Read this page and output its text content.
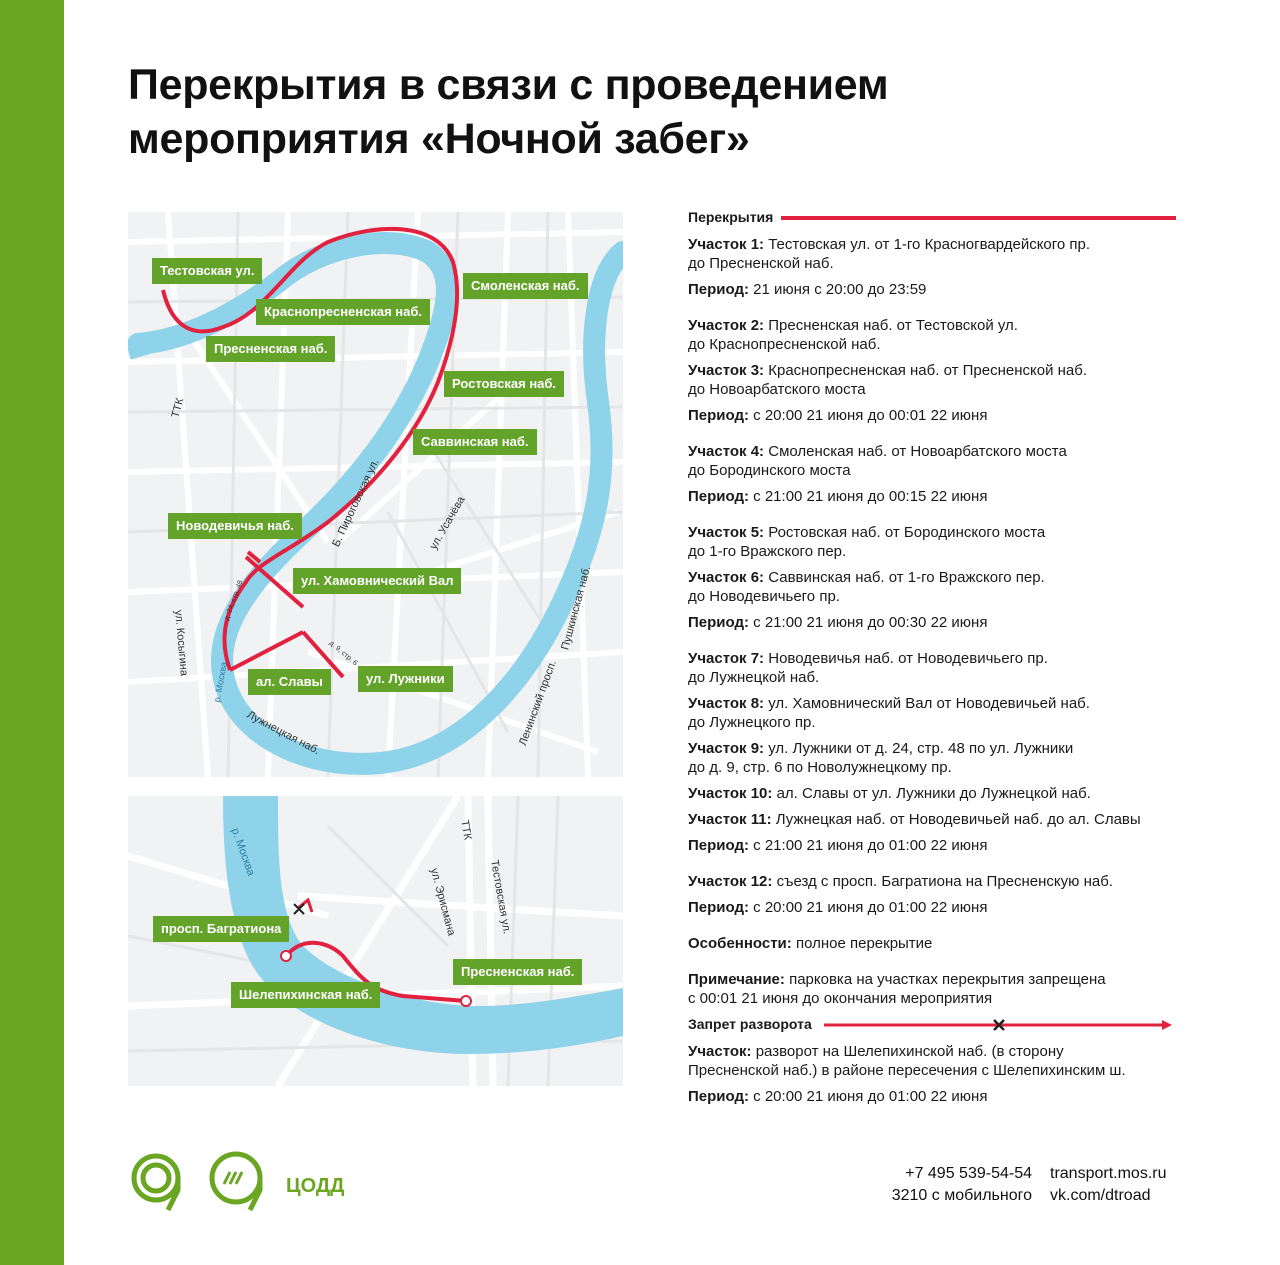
Перекрытия в связи с проведением
мероприятия «Ночной забег»
Тестовская ул.
Краснопресненская наб.
Пресненская наб.
Смоленская наб.
Ростовская наб.
Саввинская наб.
Новодевичья наб.
ул. Хамовнический Вал
ал. Славы	ул. Лужники
ТТК
Б. Пироговская ул.	ул. Усачёва
Пушкинская наб.
ул. Косыгина
Ленинский просп.
Лужнецкая наб.
р. Москва
д. 24, стр. 48
д. 9, стр. 6
просп. Багратиона
Шелепихинская наб.
Пресненская наб.
р. Москва	ТТК
ул. Эрисмана	Тестовская ул.
Перекрытия
Участок 1: Тестовская ул. от 1-го Красногвардейского пр.
до Пресненской наб.
Период: 21 июня с 20:00 до 23:59
Участок 2: Пресненская наб. от Тестовской ул.
до Краснопресненской наб.
Участок 3: Краснопресненская наб. от Пресненской наб.
до Новоарбатского моста
Период: с 20:00 21 июня до 00:01 22 июня
Участок 4: Смоленская наб. от Новоарбатского моста
до Бородинского моста
Период: с 21:00 21 июня до 00:15 22 июня
Участок 5: Ростовская наб. от Бородинского моста
до 1-го Вражского пер.
Участок 6: Саввинская наб. от 1-го Вражского пер.
до Новодевичьего пр.
Период: с 21:00 21 июня до 00:30 22 июня
Участок 7: Новодевичья наб. от Новодевичьего пр.
до Лужнецкой наб.
Участок 8: ул. Хамовнический Вал от Новодевичьей наб.
до Лужнецкого пр.
Участок 9: ул. Лужники от д. 24, стр. 48 по ул. Лужники
до д. 9, стр. 6 по Новолужнецкому пр.
Участок 10: ал. Славы от ул. Лужники до Лужнецкой наб.
Участок 11: Лужнецкая наб. от Новодевичьей наб. до ал. Славы
Период: с 21:00 21 июня до 01:00 22 июня
Участок 12: съезд с просп. Багратиона на Пресненскую наб.
Период: с 20:00 21 июня до 01:00 22 июня
Особенности: полное перекрытие
Примечание: парковка на участках перекрытия запрещена
с 00:01 21 июня до окончания мероприятия
Запрет разворота
Участок: разворот на Шелепихинской наб. (в сторону
Пресненской наб.) в районе пересечения с Шелепихинским ш.
Период: с 20:00 21 июня до 01:00 22 июня
ЦОДД
+7 495 539-54-54
3210 с мобильного
transport.mos.ru
vk.com/dtroad
